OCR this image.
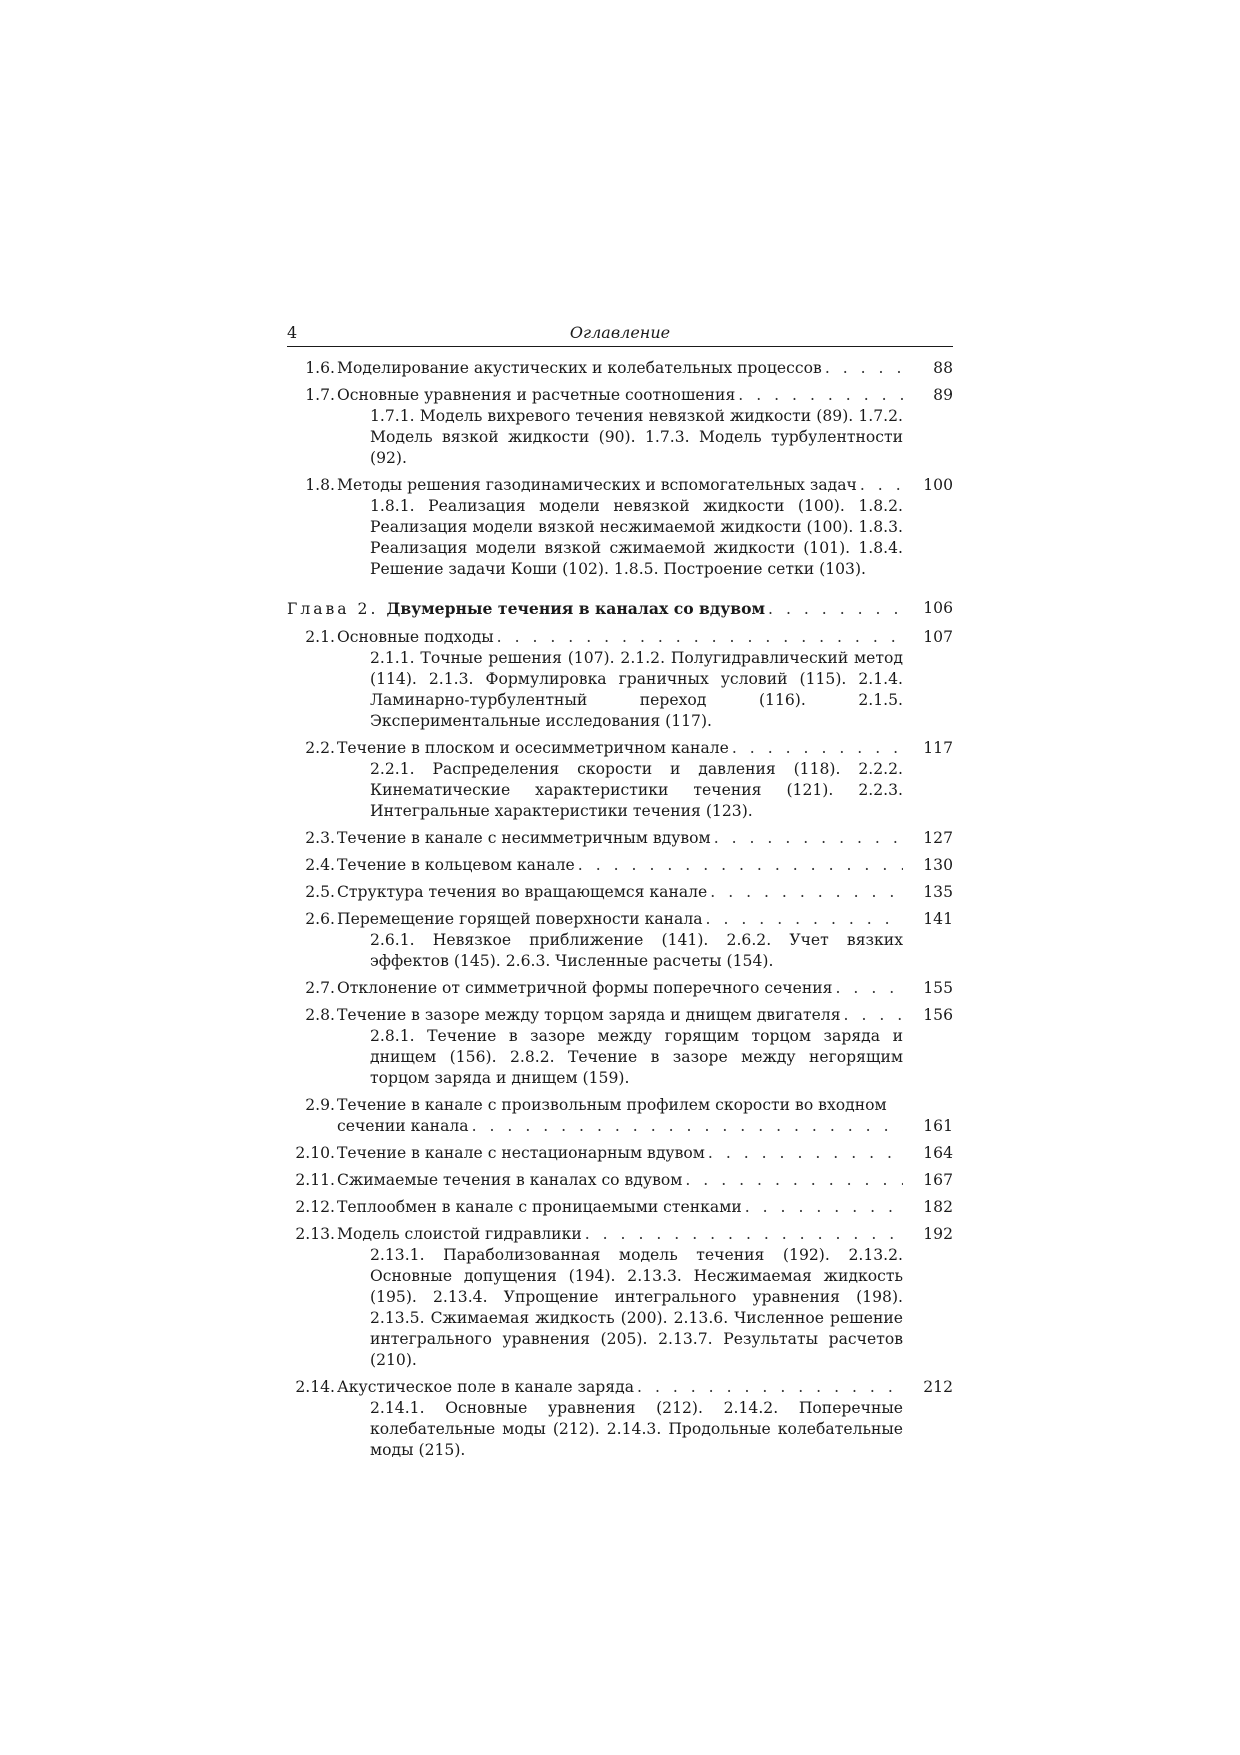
4	Оглавление
1.6. Моделирование акустических и колебательных процессов . . .	88
1.7. Основные уравнения и расчетные соотношения . . .	89
1.7.1. Модель вихревого течения невязкой жидкости (89). 1.7.2. Модель вязкой жидкости (90). 1.7.3. Модель турбулентности (92).
1.8. Методы решения газодинамических и вспомогательных задач . . .	100
1.8.1. Реализация модели невязкой жидкости (100). 1.8.2. Реализация модели вязкой несжимаемой жидкости (100). 1.8.3. Реализация модели вязкой сжимаемой жидкости (101). 1.8.4. Решение задачи Коши (102). 1.8.5. Построение сетки (103).
Глава 2. Двумерные течения в каналах со вдувом . . .	106
2.1. Основные подходы . . .	107
2.1.1. Точные решения (107). 2.1.2. Полугидравлический метод (114). 2.1.3. Формулировка граничных условий (115). 2.1.4. Ламинарно-турбулентный переход (116). 2.1.5. Экспериментальные исследования (117).
2.2. Течение в плоском и осесимметричном канале . . .	117
2.2.1. Распределения скорости и давления (118). 2.2.2. Кинематические характеристики течения (121). 2.2.3. Интегральные характеристики течения (123).
2.3. Течение в канале с несимметричным вдувом . . .	127
2.4. Течение в кольцевом канале . . .	130
2.5. Структура течения во вращающемся канале . . .	135
2.6. Перемещение горящей поверхности канала . . .	141
2.6.1. Невязкое приближение (141). 2.6.2. Учет вязких эффектов (145). 2.6.3. Численные расчеты (154).
2.7. Отклонение от симметричной формы поперечного сечения . . .	155
2.8. Течение в зазоре между торцом заряда и днищем двигателя . . .	156
2.8.1. Течение в зазоре между горящим торцом заряда и днищем (156). 2.8.2. Течение в зазоре между негорящим торцом заряда и днищем (159).
2.9. Течение в канале с произвольным профилем скорости во входном
сечении канала . . .	161
2.10. Течение в канале с нестационарным вдувом . . .	164
2.11. Сжимаемые течения в каналах со вдувом . . .	167
2.12. Теплообмен в канале с проницаемыми стенками . . .	182
2.13. Модель слоистой гидравлики . . .	192
2.13.1. Параболизованная модель течения (192). 2.13.2. Основные допущения (194). 2.13.3. Несжимаемая жидкость (195). 2.13.4. Упрощение интегрального уравнения (198). 2.13.5. Сжимаемая жидкость (200). 2.13.6. Численное решение интегрального уравнения (205). 2.13.7. Результаты расчетов (210).
2.14. Акустическое поле в канале заряда . . .	212
2.14.1. Основные уравнения (212). 2.14.2. Поперечные колебательные моды (212). 2.14.3. Продольные колебательные моды (215).
